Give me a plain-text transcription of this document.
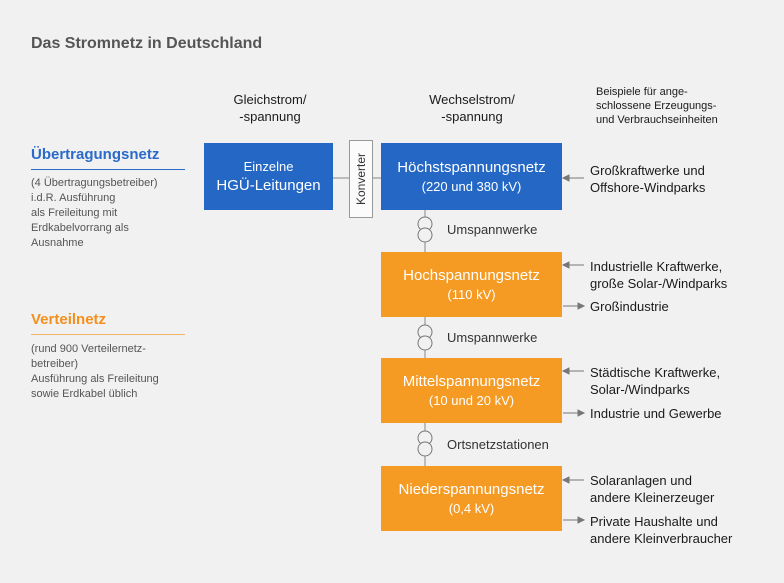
Das Stromnetz in Deutschland
Gleichstrom/
-spannung
Wechselstrom/
-spannung
Beispiele für ange-
schlossene Erzeugungs-
und Verbrauchseinheiten
Übertragungsnetz
(4 Übertragungsbetreiber)
i.d.R. Ausführung
als Freileitung mit
Erdkabelvorrang als
Ausnahme
Verteilnetz
(rund 900 Verteilernetz-
betreiber)
Ausführung als Freileitung
sowie Erdkabel üblich
Einzelne
HGÜ-Leitungen	Konverter Höchstspannungsnetz
(220 und 380 kV)
Hochspannungsnetz
(110 kV)
Mittelspannungsnetz
(10 und 20 kV)
Niederspannungsnetz
(0,4 kV)
Umspannwerke
Umspannwerke
Ortsnetzstationen
Großkraftwerke und
Offshore-Windparks
Industrielle Kraftwerke,
große Solar-/Windparks
Großindustrie
Städtische Kraftwerke,
Solar-/Windparks
Industrie und Gewerbe
Solaranlagen und
andere Kleinerzeuger
Private Haushalte und
andere Kleinverbraucher
